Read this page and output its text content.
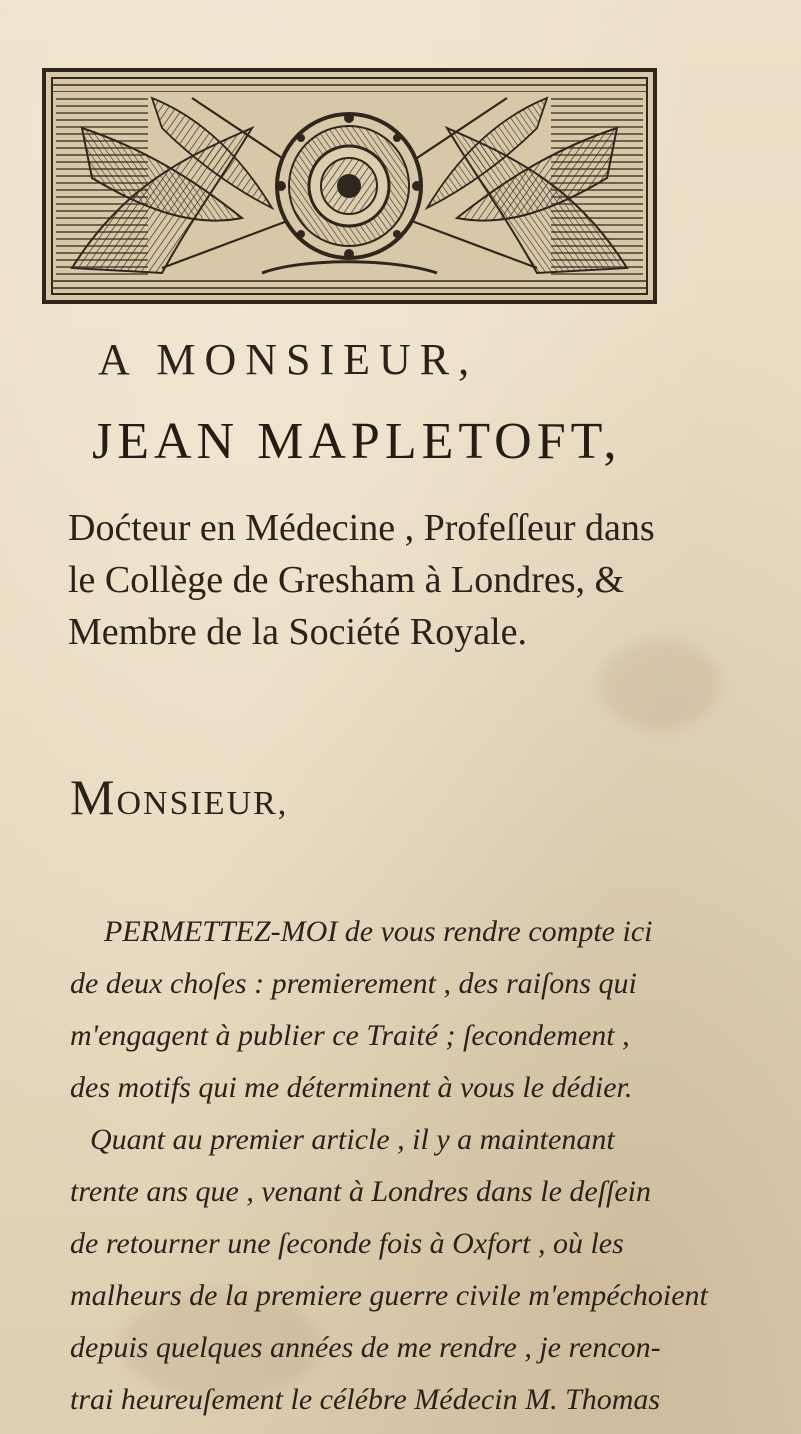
A MONSIEUR,
JEAN MAPLETOFT,
Doćteur en Médecine , Profeſſeur dans
le Collège de Gresham à Londres, &
Membre de la Société Royale.
MONSIEUR,
PERMETTEZ-MOI de vous rendre compte ici
de deux choſes : premierement , des raiſons qui
m'engagent à publier ce Traité ; ſecondement ,
des motifs qui me déterminent à vous le dédier.
Quant au premier article , il y a maintenant
trente ans que , venant à Londres dans le deſſein
de retourner une ſeconde fois à Oxfort , où les
malheurs de la premiere guerre civile m'empéchoient
depuis quelques années de me rendre , je rencon-
trai heureuſement le célébre Médecin M. Thomas
